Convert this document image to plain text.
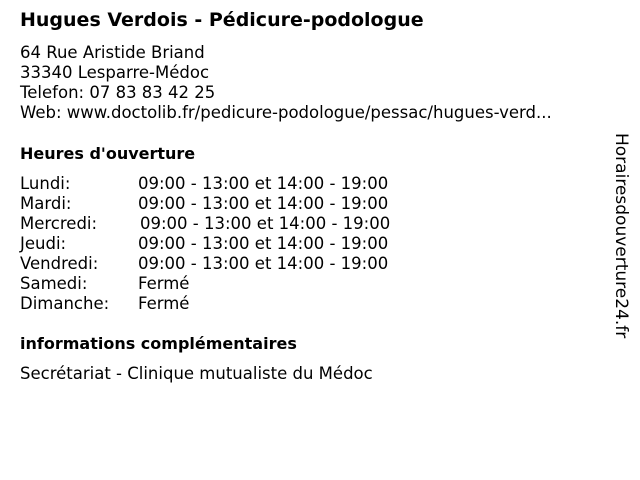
Hugues Verdois - Pédicure-podologue
64 Rue Aristide Briand
33340 Lesparre-Médoc
Telefon: 07 83 83 42 25
Web: www.doctolib.fr/pedicure-podologue/pessac/hugues-verd...
Heures d'ouverture
Lundi:	09:00 - 13:00 et 14:00 - 19:00
Mardi:	09:00 - 13:00 et 14:00 - 19:00
Mercredi:	09:00 - 13:00 et 14:00 - 19:00
Jeudi:	09:00 - 13:00 et 14:00 - 19:00
Vendredi: 09:00 - 13:00 et 14:00 - 19:00
Samedi:	Fermé
Dimanche: Fermé
informations complémentaires
Secrétariat - Clinique mutualiste du Médoc
Horairesdouverture24.fr
